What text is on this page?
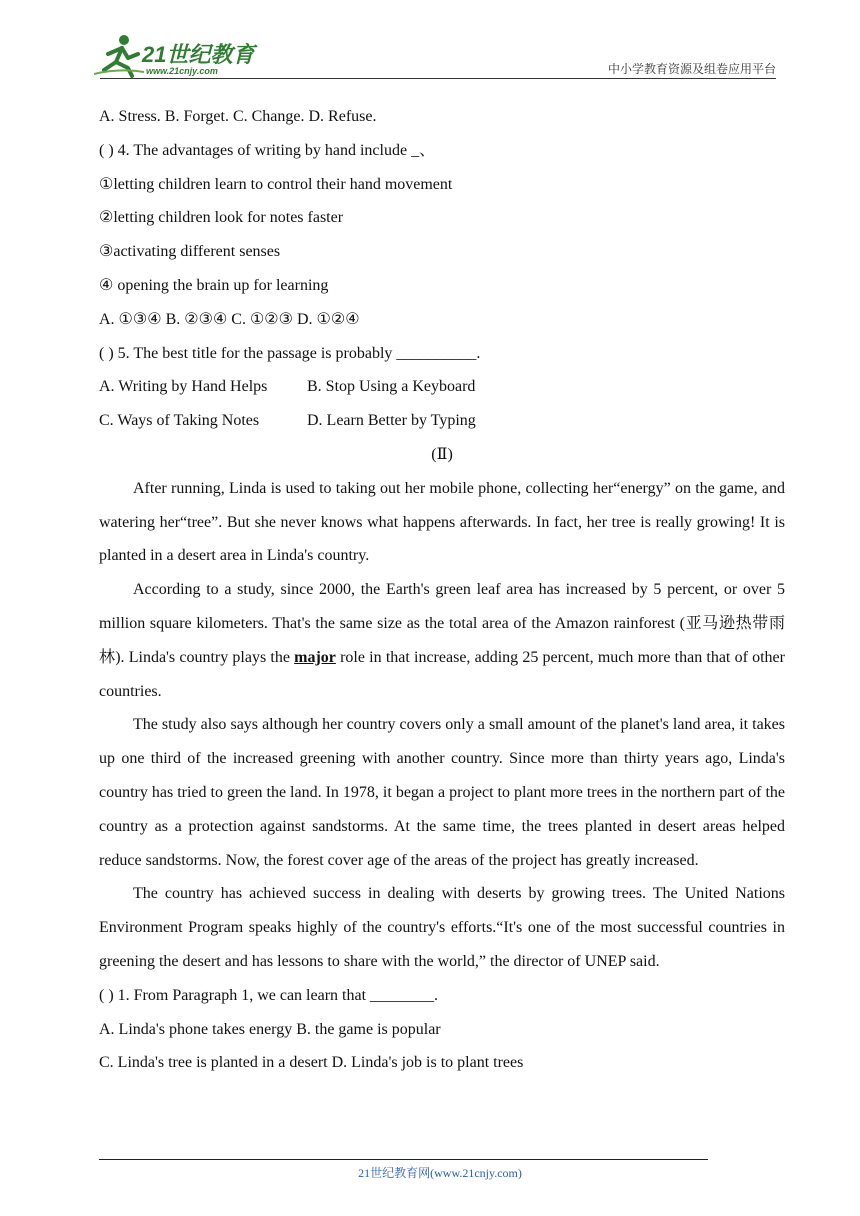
21世纪教育
www.21cnjy.com	中小学教育资源及组卷应用平台
A. Stress. B. Forget. C. Change. D. Refuse.
( ) 4. The advantages of writing by hand include _、
①letting children learn to control their hand movement
②letting children look for notes faster
③activating different senses
④ opening the brain up for learning
A. ①③④ B. ②③④ C. ①②③ D. ①②④
( ) 5. The best title for the passage is probably __________.
A. Writing by Hand Helps B. Stop Using a Keyboard
C. Ways of Taking Notes	D. Learn Better by Typing
(Ⅱ)

After running, Linda is used to taking out her mobile phone, collecting her“energy” on the game, and watering her“tree”. But she never knows what happens afterwards. In fact, her tree is really growing! It is planted in a desert area in Linda's country.

According to a study, since 2000, the Earth's green leaf area has increased by 5 percent, or over 5 million square kilometers. That's the same size as the total area of the Amazon rainforest (亚马逊热带雨林). Linda's country plays the major role in that increase, adding 25 percent, much more than that of other countries.

The study also says although her country covers only a small amount of the planet's land area, it takes up one third of the increased greening with another country. Since more than thirty years ago, Linda's country has tried to green the land. In 1978, it began a project to plant more trees in the northern part of the country as a protection against sandstorms. At the same time, the trees planted in desert areas helped reduce sandstorms. Now, the forest cover age of the areas of the project has greatly increased.

The country has achieved success in dealing with deserts by growing trees. The United Nations Environment Program speaks highly of the country's efforts.“It's one of the most successful countries in greening the desert and has lessons to share with the world,” the director of UNEP said.

( ) 1. From Paragraph 1, we can learn that ________.
A. Linda's phone takes energy B. the game is popular
C. Linda's tree is planted in a desert D. Linda's job is to plant trees
21世纪教育网(www.21cnjy.com)
